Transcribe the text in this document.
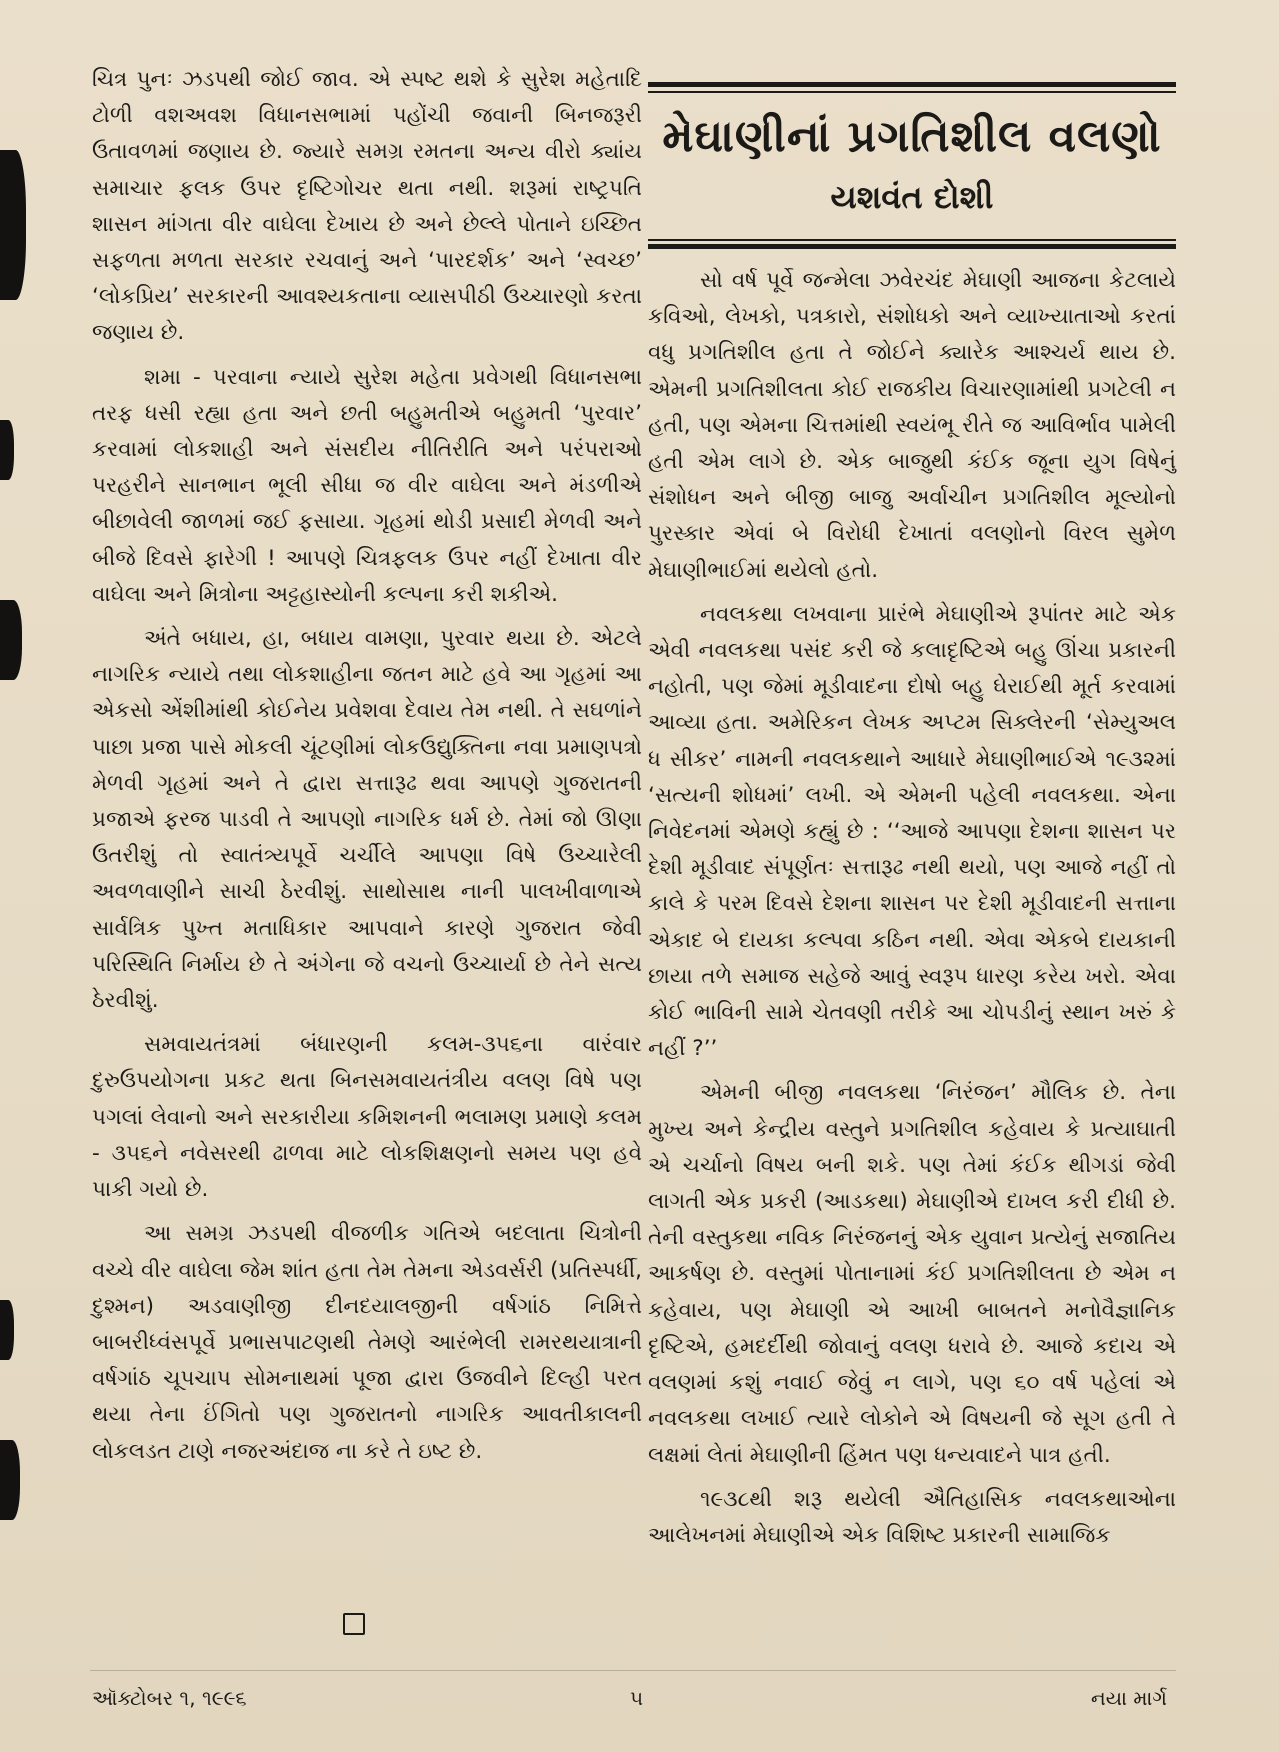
ચિત્ર પુનઃ ઝડપથી જોઈ જાવ. એ સ્પષ્ટ થશે કે સુરેશ મહેતાદિ ટોળી વશઅવશ વિધાનસભામાં પહોંચી જવાની બિનજરૂરી ઉતાવળમાં જણાય છે. જ્યારે સમગ્ર રમતના અન્ય વીરો ક્યાંય સમાચાર ફલક ઉપર દૃષ્ટિગોચર થતા નથી. શરૂમાં રાષ્ટ્રપતિ શાસન માંગતા વીર વાઘેલા દેખાય છે અને છેલ્લે પોતાને ઇચ્છિત સફળતા મળતા સરકાર રચવાનું અને ‘પારદર્શક’ અને ‘સ્વચ્છ’ ‘લોકપ્રિય’ સરકારની આવશ્યકતાના વ્યાસપીઠી ઉચ્ચારણો કરતા જણાય છે.

શમા - પરવાના ન્યાયે સુરેશ મહેતા પ્રવેગથી વિધાનસભા તરફ ધસી રહ્યા હતા અને છતી બહુમતીએ બહુમતી ‘પુરવાર’ કરવામાં લોકશાહી અને સંસદીય નીતિરીતિ અને પરંપરાઓ પરહરીને સાનભાન ભૂલી સીધા જ વીર વાઘેલા અને મંડળીએ બીછાવેલી જાળમાં જઈ ફસાયા. ગૃહમાં થોડી પ્રસાદી મેળવી અને બીજે દિવસે ફારેગી ! આપણે ચિત્રફલક ઉપર નહીં દેખાતા વીર વાઘેલા અને મિત્રોના અટ્ટહાસ્યોની કલ્પના કરી શકીએ.

અંતે બધાય, હા, બધાય વામણા, પુરવાર થયા છે. એટલે નાગરિક ન્યાયે તથા લોકશાહીના જતન માટે હવે આ ગૃહમાં આ એકસો એંશીમાંથી કોઈનેય પ્રવેશવા દેવાય તેમ નથી. તે સઘળાંને પાછા પ્રજા પાસે મોકલી ચૂંટણીમાં લોકઉદ્યુક્તિના નવા પ્રમાણપત્રો મેળવી ગૃહમાં અને તે દ્વારા સત્તારૂઢ થવા આપણે ગુજરાતની પ્રજાએ ફરજ પાડવી તે આપણો નાગરિક ધર્મ છે. તેમાં જો ઊણા ઉતરીશું તો સ્વાતંત્ર્યપૂર્વે ચર્ચીલે આપણા વિષે ઉચ્ચારેલી અવળવાણીને સાચી ઠેરવીશું. સાથોસાથ નાની પાલખીવાળાએ સાર્વત્રિક પુખ્ત મતાધિકાર આપવાને કારણે ગુજરાત જેવી પરિસ્થિતિ નિર્માય છે તે અંગેના જે વચનો ઉચ્ચાર્યા છે તેને સત્ય ઠેરવીશું.

સમવાયતંત્રમાં બંધારણની કલમ-૩૫૬ના વારંવાર દુરુઉપયોગના પ્રકટ થતા બિનસમવાયતંત્રીય વલણ વિષે પણ પગલાં લેવાનો અને સરકારીયા કમિશનની ભલામણ પ્રમાણે કલમ - ૩૫૬ને નવેસરથી ઢાળવા માટે લોકશિક્ષણનો સમય પણ હવે પાકી ગયો છે.

આ સમગ્ર ઝડપથી વીજળીક ગતિએ બદલાતા ચિત્રોની વચ્ચે વીર વાઘેલા જેમ શાંત હતા તેમ તેમના એડવર્સરી (પ્રતિસ્પર્ધી, દુશ્મન) અડવાણીજી દીનદયાલજીની વર્ષગાંઠ નિમિત્તે બાબરીધ્વંસપૂર્વે પ્રભાસપાટણથી તેમણે આરંભેલી રામરથયાત્રાની વર્ષગાંઠ ચૂપચાપ સોમનાથમાં પૂજા દ્વારા ઉજવીને દિલ્હી પરત થયા તેના ઈંગિતો પણ ગુજરાતનો નાગરિક આવતીકાલની લોકલડત ટાણે નજરઅંદાજ ના કરે તે ઇષ્ટ છે.

મેઘાણીનાં પ્રગતિશીલ વલણો
યશવંત દોશી

સો વર્ષ પૂર્વે જન્મેલા ઝવેરચંદ મેઘાણી આજના કેટલાયે કવિઓ, લેખકો, પત્રકારો, સંશોધકો અને વ્યાખ્યાતાઓ કરતાં વધુ પ્રગતિશીલ હતા તે જોઈને ક્યારેક આશ્ચર્ય થાય છે. એમની પ્રગતિશીલતા કોઈ રાજકીય વિચારણામાંથી પ્રગટેલી ન હતી, પણ એમના ચિત્તમાંથી સ્વયંભૂ રીતે જ આવિર્ભાવ પામેલી હતી એમ લાગે છે. એક બાજુથી કંઈક જૂના યુગ વિષેનું સંશોધન અને બીજી બાજુ અર્વાચીન પ્રગતિશીલ મૂલ્યોનો પુરસ્કાર એવાં બે વિરોધી દેખાતાં વલણોનો વિરલ સુમેળ મેઘાણીભાઈમાં થયેલો હતો.

નવલકથા લખવાના પ્રારંભે મેઘાણીએ રૂપાંતર માટે એક એવી નવલકથા પસંદ કરી જે કલાદૃષ્ટિએ બહુ ઊંચા પ્રકારની નહોતી, પણ જેમાં મૂડીવાદના દોષો બહુ ઘેરાઈથી મૂર્ત કરવામાં આવ્યા હતા. અમેરિકન લેખક અપ્ટમ સિક્લેરની ‘સેમ્યુઅલ ધ સીકર’ નામની નવલકથાને આધારે મેઘાણીભાઈએ ૧૯૩૨માં ‘સત્યની શોધમાં’ લખી. એ એમની પહેલી નવલકથા. એના નિવેદનમાં એમણે કહ્યું છે : ‘‘આજે આપણા દેશના શાસન પર દેશી મૂડીવાદ સંપૂર્ણતઃ સત્તારૂઢ નથી થયો, પણ આજે નહીં તો કાલે કે પરમ દિવસે દેશના શાસન પર દેશી મૂડીવાદની સત્તાના એકાદ બે દાયકા કલ્પવા કઠિન નથી. એવા એકબે દાયકાની છાયા તળે સમાજ સહેજે આવું સ્વરૂપ ધારણ કરેય ખરો. એવા કોઈ ભાવિની સામે ચેતવણી તરીકે આ ચોપડીનું સ્થાન ખરું કે નહીં ?’’

એમની બીજી નવલકથા ‘નિરંજન’ મૌલિક છે. તેના મુખ્ય અને કેન્દ્રીય વસ્તુને પ્રગતિશીલ કહેવાય કે પ્રત્યાઘાતી એ ચર્ચાનો વિષય બની શકે. પણ તેમાં કંઈક થીગડાં જેવી લાગતી એક પ્રકરી (આડકથા) મેઘાણીએ દાખલ કરી દીધી છે. તેની વસ્તુકથા નવિક નિરંજનનું એક યુવાન પ્રત્યેનું સજાતિય આકર્ષણ છે. વસ્તુમાં પોતાનામાં કંઈ પ્રગતિશીલતા છે એમ ન કહેવાય, પણ મેઘાણી એ આખી બાબતને મનોવૈજ્ઞાનિક દૃષ્ટિએ, હમદર્દીથી જોવાનું વલણ ધરાવે છે. આજે કદાચ એ વલણમાં કશું નવાઈ જેવું ન લાગે, પણ ૬૦ વર્ષ પહેલાં એ નવલકથા લખાઈ ત્યારે લોકોને એ વિષયની જે સૂગ હતી તે લક્ષમાં લેતાં મેઘાણીની હિંમત પણ ધન્યવાદને પાત્ર હતી.

૧૯૩૮થી શરૂ થયેલી ઐતિહાસિક નવલકથાઓના આલેખનમાં મેઘાણીએ એક વિશિષ્ટ પ્રકારની સામાજિક

ઑક્ટોબર ૧, ૧૯૯૬	૫	નયા માર્ગ
